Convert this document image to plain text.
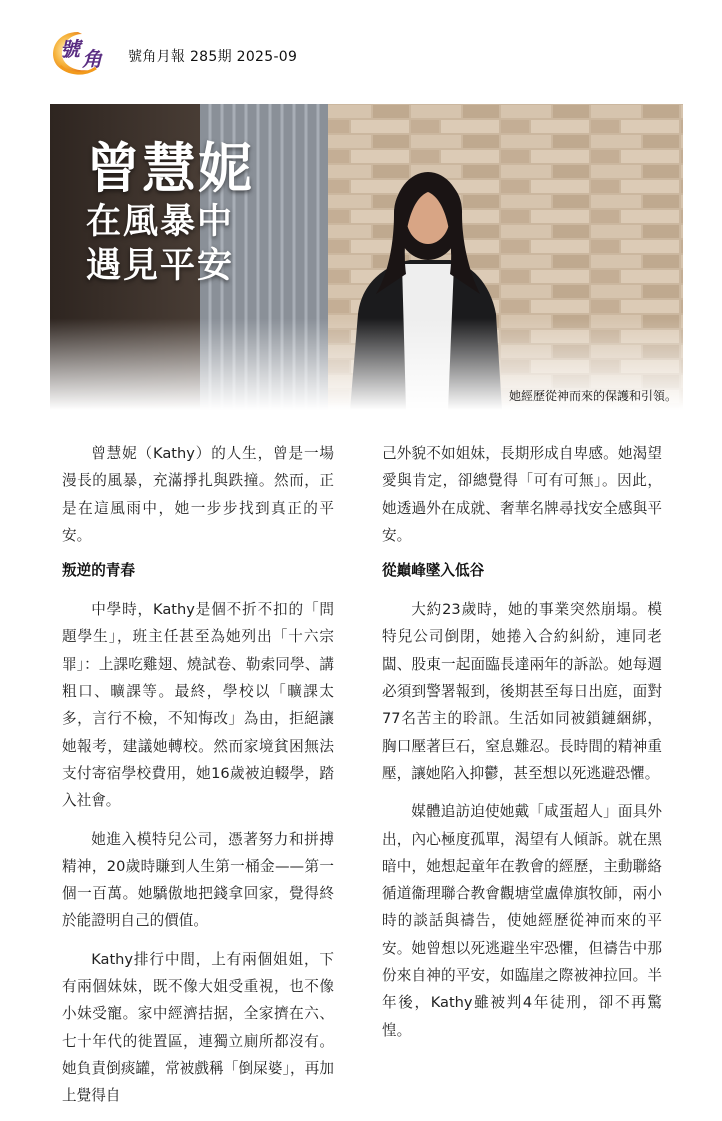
號 角 號角月報 285期 2025-09
曾慧妮
在風暴中
遇見平安
她經歷從神而來的保護和引領。

曾慧妮（Kathy）的人生，曾是一場漫長的風暴，充滿掙扎與跌撞。然而，正是在這風雨中，她一步步找到真正的平安。

叛逆的青春

中學時，Kathy是個不折不扣的「問題學生」，班主任甚至為她列出「十六宗罪」：上課吃雞翅、燒試卷、勒索同學、講粗口、曠課等。最終，學校以「曠課太多，言行不檢，不知悔改」為由，拒絕讓她報考，建議她轉校。然而家境貧困無法支付寄宿學校費用，她16歲被迫輟學，踏入社會。

她進入模特兒公司，憑著努力和拼搏精神，20歲時賺到人生第一桶金——第一個一百萬。她驕傲地把錢拿回家，覺得終於能證明自己的價值。

Kathy排行中間，上有兩個姐姐，下有兩個妹妹，既不像大姐受重視，也不像小妹受寵。家中經濟拮据，全家擠在六、七十年代的徙置區，連獨立廁所都沒有。她負責倒痰罐，常被戲稱「倒屎婆」，再加上覺得自

己外貌不如姐妹，長期形成自卑感。她渴望愛與肯定，卻總覺得「可有可無」。因此，她透過外在成就、奢華名牌尋找安全感與平安。

從巔峰墜入低谷

大約23歲時，她的事業突然崩塌。模特兒公司倒閉，她捲入合約糾紛，連同老闆、股東一起面臨長達兩年的訴訟。她每週必須到警署報到，後期甚至每日出庭，面對77名苦主的聆訊。生活如同被鎖鏈綑綁，胸口壓著巨石，窒息難忍。長時間的精神重壓，讓她陷入抑鬱，甚至想以死逃避恐懼。

媒體追訪迫使她戴「咸蛋超人」面具外出，內心極度孤單，渴望有人傾訴。就在黑暗中，她想起童年在教會的經歷，主動聯絡循道衞理聯合教會觀塘堂盧偉旗牧師，兩小時的談話與禱告，使她經歷從神而來的平安。她曾想以死逃避坐牢恐懼，但禱告中那份來自神的平安，如臨崖之際被神拉回。半年後，Kathy雖被判4年徒刑，卻不再驚惶。
